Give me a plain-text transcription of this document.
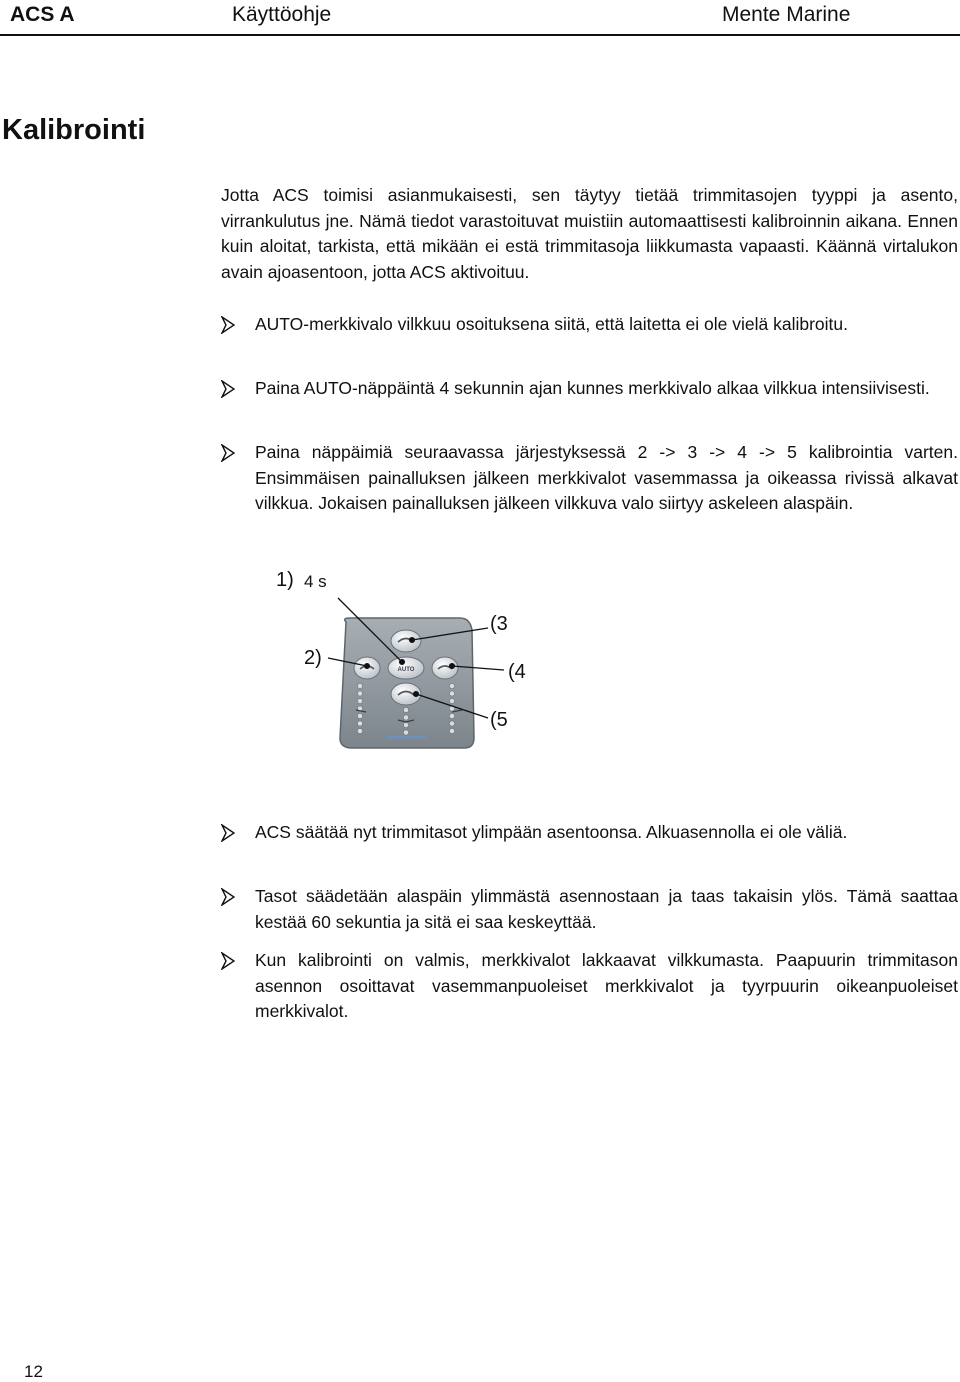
ACS A	Käyttöohje	Mente Marine
Kalibrointi

Jotta ACS toimisi asianmukaisesti, sen täytyy tietää trimmitasojen tyyppi ja asento, virrankulutus jne. Nämä tiedot varastoituvat muistiin automaattisesti kalibroinnin aikana. Ennen kuin aloitat, tarkista, että mikään ei estä trimmitasoja liikkumasta vapaasti. Käännä virtalukon avain ajoasentoon, jotta ACS aktivoituu.

AUTO-merkkivalo vilkkuu osoituksena siitä, että laitetta ei ole vielä kalibroitu.

Paina AUTO-näppäintä 4 sekunnin ajan kunnes merkkivalo alkaa vilkkua intensiivisesti.

Paina näppäimiä seuraavassa järjestyksessä 2 -> 3 -> 4 -> 5 kalibrointia varten. Ensimmäisen painalluksen jälkeen merkkivalot vasemmassa ja oikeassa rivissä alkavat vilkkua. Jokaisen painalluksen jälkeen vilkkuva valo siirtyy askeleen alaspäin.

AUTO
1) 4 s
2)
(3
(4
(5

ACS säätää nyt trimmitasot ylimpään asentoonsa. Alkuasennolla ei ole väliä.

Tasot säädetään alaspäin ylimmästä asennostaan ja taas takaisin ylös. Tämä saattaa kestää 60 sekuntia ja sitä ei saa keskeyttää.

Kun kalibrointi on valmis, merkkivalot lakkaavat vilkkumasta. Paapuurin trimmitason asennon osoittavat vasemmanpuoleiset merkkivalot ja tyyrpuurin oikeanpuoleiset merkkivalot.

12
